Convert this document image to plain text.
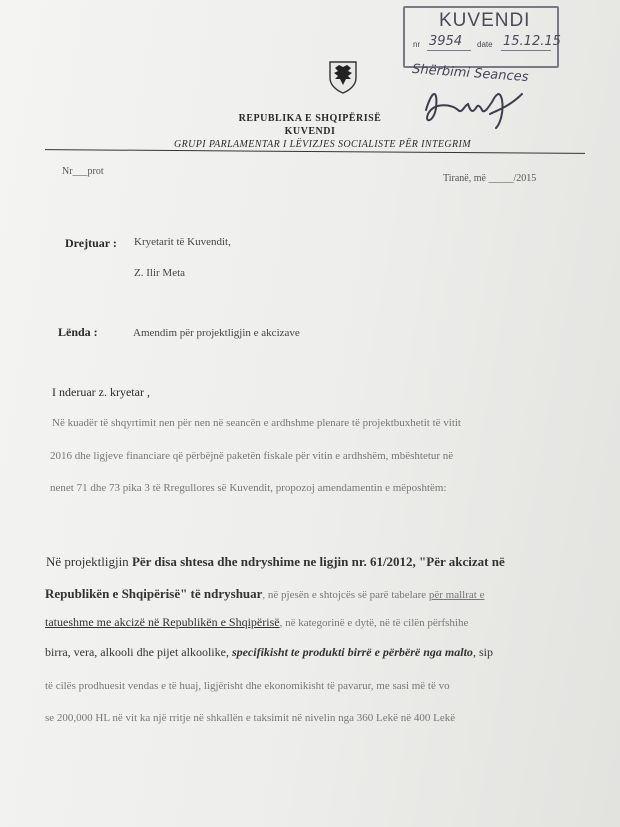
KUVENDI
nr 3954 date 15.12.15
Shërbimi Seances
REPUBLIKA E SHQIPËRISË
KUVENDI
GRUPI PARLAMENTAR I LËVIZJES SOCIALISTE PËR INTEGRIM
Nr___prot
Tiranë, më _____/2015
Drejtuar : Kryetarit të Kuvendit,
Z. Ilir Meta
Lënda :	Amendim për projektligjin e akcizave
I nderuar z. kryetar ,
Në kuadër të shqyrtimit nen për nen në seancën e ardhshme plenare të projektbuxhetit të vitit
2016 dhe ligjeve financiare që përbëjnë paketën fiskale për vitin e ardhshëm, mbështetur në
nenet 71 dhe 73 pika 3 të Rregullores së Kuvendit, propozoj amendamentin e mëposhtëm:
Në projektligjin Për disa shtesa dhe ndryshime ne ligjin nr. 61/2012, "Për akcizat në
Republikën e Shqipërisë" të ndryshuar, në pjesën e shtojcës së parë tabelare për mallrat e
tatueshme me akcizë në Republikën e Shqipërisë, në kategorinë e dytë, në të cilën përfshihe
birra, vera, alkooli dhe pijet alkoolike, specifikisht te produkti birrë e përbërë nga malto, sip
të cilës prodhuesit vendas e të huaj, ligjërisht dhe ekonomikisht të pavarur, me sasi më të vo
se 200,000 HL në vit ka një rritje në shkallën e taksimit në nivelin nga 360 Lekë në 400 Lekë
